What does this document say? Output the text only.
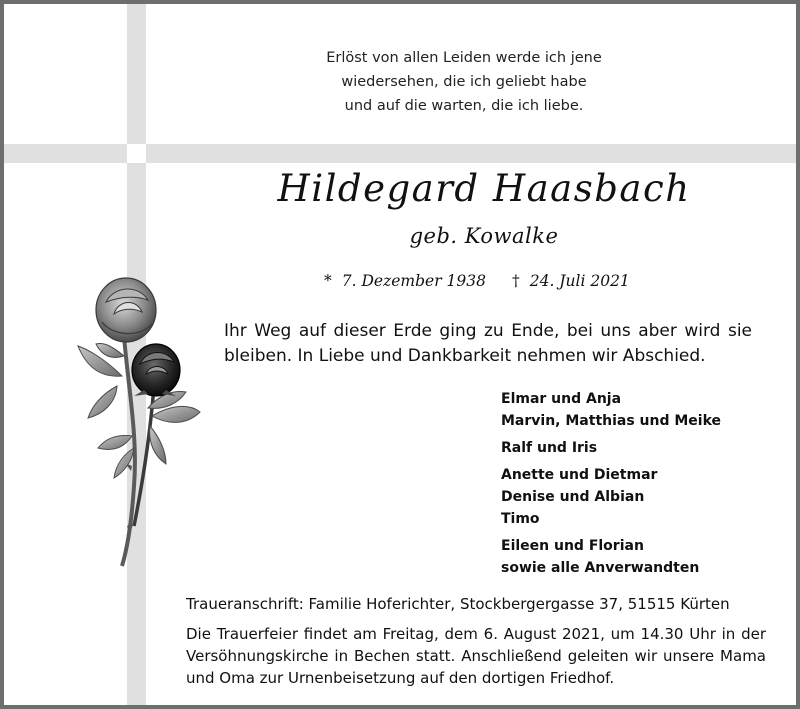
Erlöst von allen Leiden werde ich jene
wiedersehen, die ich geliebt habe
und auf die warten, die ich liebe.
Hildegard Haasbach
geb. Kowalke
* 7. Dezember 1938 † 24. Juli 2021
Ihr Weg auf dieser Erde ging zu Ende, bei uns aber wird sie bleiben. In Liebe und Dankbarkeit nehmen wir Abschied.
Elmar und Anja
Marvin, Matthias und Meike
Ralf und Iris
Anette und Dietmar
Denise und Albian
Timo
Eileen und Florian
sowie alle Anverwandten
Traueranschrift: Familie Hoferichter, Stockbergergasse 37, 51515 Kürten
Die Trauerfeier findet am Freitag, dem 6. August 2021, um 14.30 Uhr in der Versöhnungskirche in Bechen statt. Anschließend geleiten wir unsere Mama und Oma zur Urnenbeisetzung auf den dortigen Friedhof.
